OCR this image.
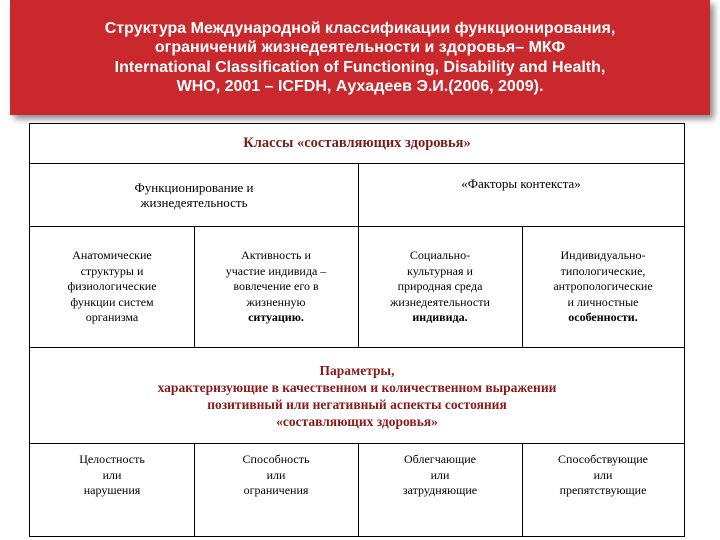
Структура Международной классификации функционирования,
ограничений жизнедеятельности и здоровья– МКФ
International Classification of Functioning, Disability and Health,
WHO, 2001 – ICFDH, Аухадеев Э.И.(2006, 2009).
Классы «составляющих здоровья»
Функционирование и
жизнедеятельность
«Факторы контекста»
Анатомические
структуры и
физиологические
функции систем
организма
Активность и
участие индивида –
вовлечение его в
жизненную
ситуацию.
Социально-
культурная и
природная среда
жизнедеятельности
индивида.
Индивидуально-
типологические,
антропологические
и личностные
особенности.
Параметры,
характеризующие в качественном и количественном выражении
позитивный или негативный аспекты состояния
«составляющих здоровья»
Целостность
или
нарушения
Способность
или
ограничения
Облегчающие
или
затрудняющие
Способствующие
или
препятствующие
